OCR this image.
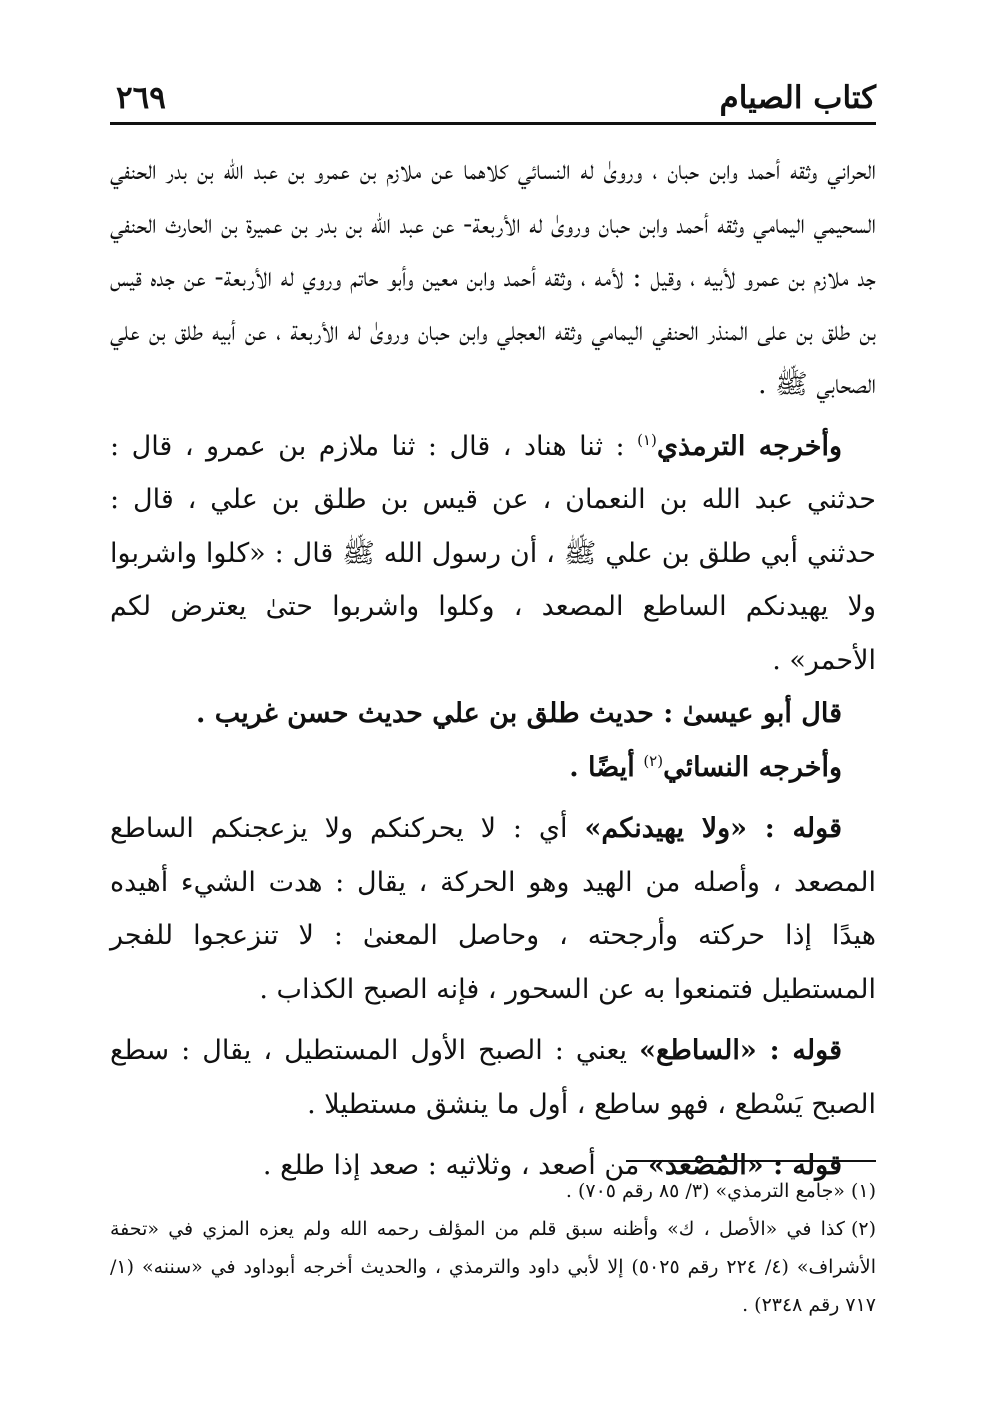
كتاب الصيام
٢٦٩

الحراني وثقه أحمد وابن حبان ، وروىٰ له النسائي كلاهما عن ملازم بن عمرو بن عبد الله بن بدر الحنفي السحيمي اليمامي وثقه أحمد وابن حبان وروىٰ له الأربعة- عن عبد الله بن بدر بن عميرة بن الحارث الحنفي جد ملازم بن عمرو لأبيه ، وقيل : لأمه ، وثقه أحمد وابن معين وأبو حاتم وروي له الأربعة- عن جده قيس بن طلق بن على المنذر الحنفي اليمامي وثقه العجلي وابن حبان وروىٰ له الأربعة ، عن أبيه طلق بن علي الصحابي ﷺ .

وأخرجه الترمذي$^{(١)}$ : ثنا هناد ، قال : ثنا ملازم بن عمرو ، قال : حدثني عبد الله بن النعمان ، عن قيس بن طلق بن علي ، قال : حدثني أبي طلق بن علي ﷺ ، أن رسول الله ﷺ قال : «كلوا واشربوا ولا يهيدنكم الساطع المصعد ، وكلوا واشربوا حتىٰ يعترض لكم الأحمر» .

قال أبو عيسىٰ : حديث طلق بن علي حديث حسن غريب .

وأخرجه النسائي$^{(٢)}$ أيضًا .

قوله : «ولا يهيدنكم» أي : لا يحركنكم ولا يزعجنكم الساطع المصعد ، وأصله من الهيد وهو الحركة ، يقال : هدت الشيء أهيده هيدًا إذا حركته وأرجحته ، وحاصل المعنىٰ : لا تنزعجوا للفجر المستطيل فتمنعوا به عن السحور ، فإنه الصبح الكذاب .

قوله : «الساطع» يعني : الصبح الأول المستطيل ، يقال : سطع الصبح يَسْطع ، فهو ساطع ، أول ما ينشق مستطيلا .

قوله : «المُصْعد» من أصعد ، وثلاثيه : صعد إذا طلع .

(١)«جامع الترمذي» (٣/ ٨٥ رقم ٧٠٥) .

(٢)كذا في «الأصل ، ك» وأظنه سبق قلم من المؤلف رحمه الله ولم يعزه المزي في «تحفة الأشراف» (٤/ ٢٢٤ رقم ٥٠٢٥) إلا لأبي داود والترمذي ، والحديث أخرجه أبوداود في «سننه» (١/ ٧١٧ رقم ٢٣٤٨) .
